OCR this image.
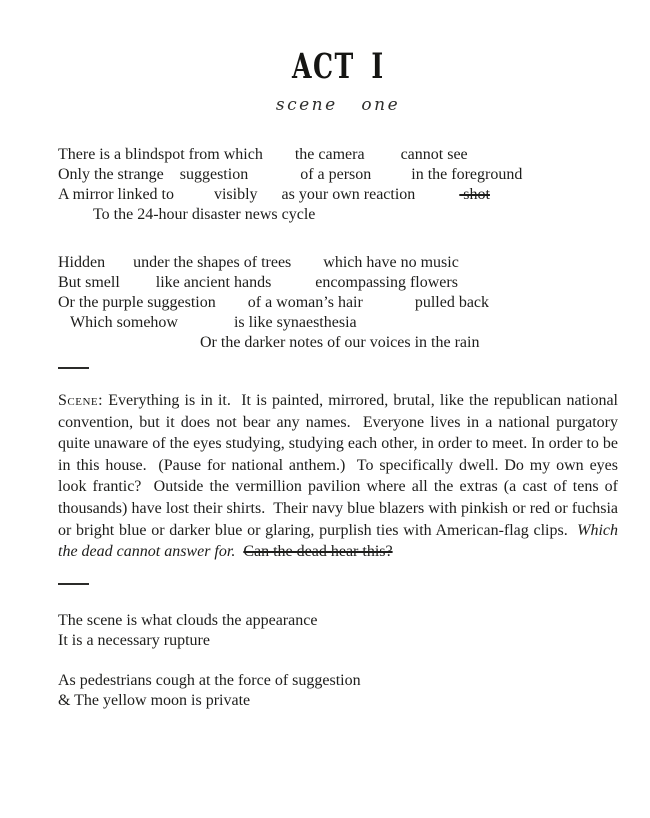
ACT I
scene   one
There is a blindspot from which        the camera         cannot see
Only the strange    suggestion             of a person          in the foreground
A mirror linked to          visibly      as your own reaction            shot
To the 24-hour disaster news cycle
Hidden       under the shapes of trees        which have no music
But smell         like ancient hands           encompassing flowers
Or the purple suggestion        of a woman’s hair             pulled back
Which somehow              is like synaesthesia
Or the darker notes of our voices in the rain

Scene: Everything is in it.  It is painted, mirrored, brutal, like the republican national convention, but it does not bear any names.  Everyone lives in a national purgatory quite unaware of the eyes studying, studying each other, in order to meet. In order to be in this house.  (Pause for national anthem.)  To specifically dwell. Do my own eyes look frantic?  Outside the vermillion pavilion where all the extras (a cast of tens of thousands) have lost their shirts.  Their navy blue blazers with pinkish or red or fuchsia or bright blue or darker blue or glaring, purplish ties with American-flag clips.  Which the dead cannot answer for. Can the dead hear this?

The scene is what clouds the appearance
It is a necessary rupture
As pedestrians cough at the force of suggestion
& The yellow moon is private
